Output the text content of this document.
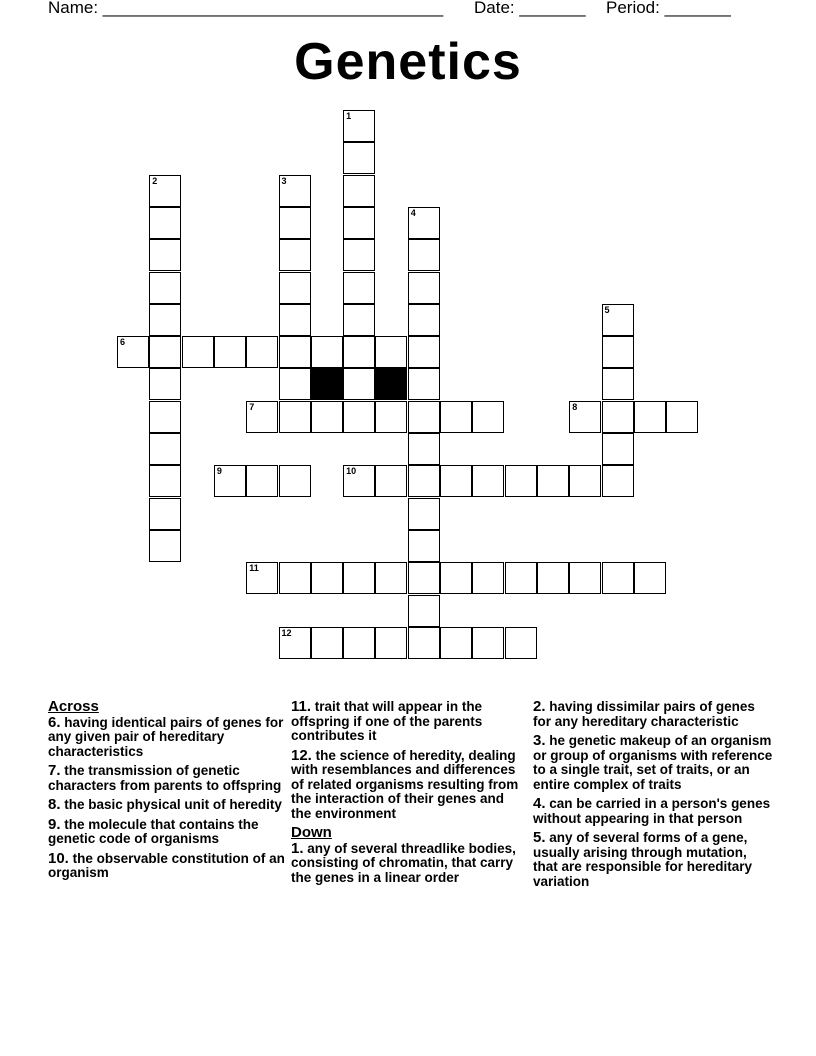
Name: ____________________________________ Date: _______ Period: _______
Genetics
1
2	3
4
5
6
7	8
9	10
11
12
Across
6. having identical pairs of genes for any given pair of hereditary characteristics
7. the transmission of genetic characters from parents to offspring
8. the basic physical unit of heredity
9. the molecule that contains the genetic code of organisms
10. the observable constitution of an organism
11. trait that will appear in the offspring if one of the parents contributes it
12. the science of heredity, dealing with resemblances and differences of related organisms resulting from the interaction of their genes and the environment
Down
1. any of several threadlike bodies, consisting of chromatin, that carry the genes in a linear order
2. having dissimilar pairs of genes for any hereditary characteristic
3. he genetic makeup of an organism or group of organisms with reference to a single trait, set of traits, or an entire complex of traits
4. can be carried in a person's genes without appearing in that person
5. any of several forms of a gene, usually arising through mutation, that are responsible for hereditary variation
